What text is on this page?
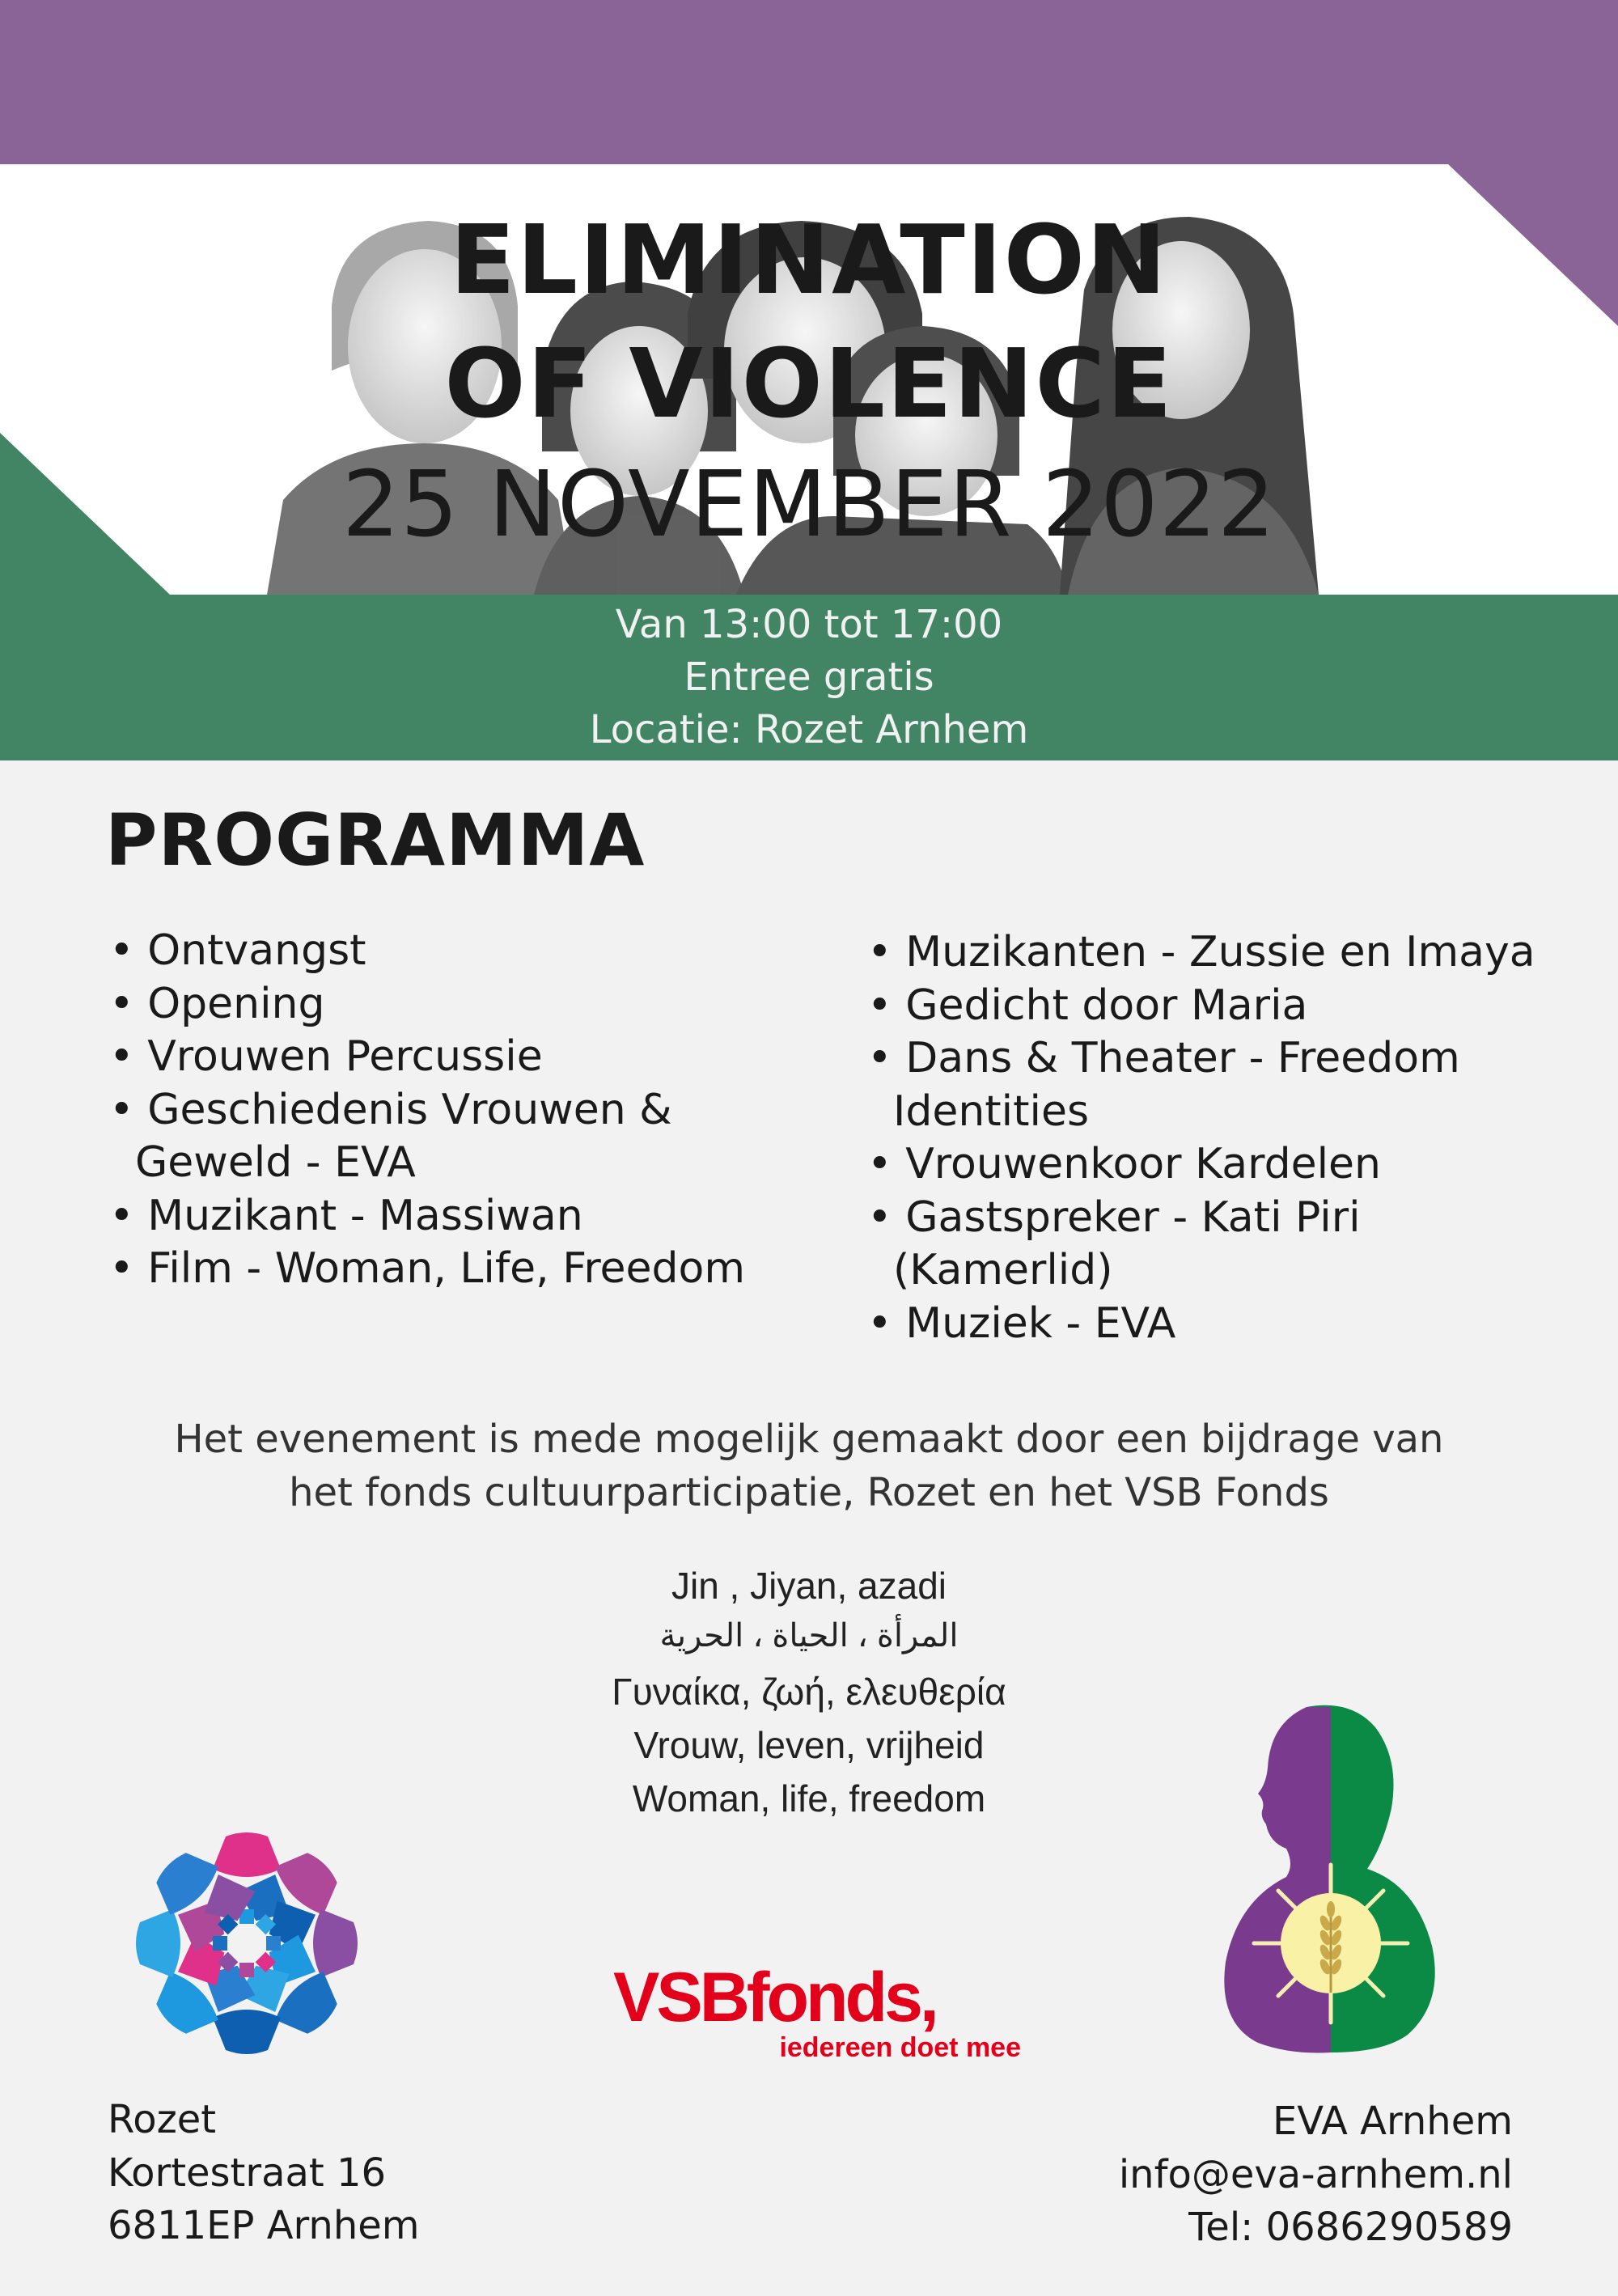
ELIMINATION
OF VIOLENCE
25 NOVEMBER 2022
Van 13:00 tot 17:00
Entree gratis
Locatie: Rozet Arnhem
PROGRAMMA
• Ontvangst
• Opening
• Vrouwen Percussie
• Geschiedenis Vrouwen & Geweld - EVA
• Muzikant - Massiwan
• Film - Woman, Life, Freedom
• Muzikanten - Zussie en Imaya
• Gedicht door Maria
• Dans & Theater - Freedom Identities
• Vrouwenkoor Kardelen
• Gastspreker - Kati Piri (Kamerlid)
• Muziek - EVA
Het evenement is mede mogelijk gemaakt door een bijdrage van
het fonds cultuurparticipatie, Rozet en het VSB Fonds
Jin , Jiyan, azadi
المرأة ، الحياة ، الحرية
Γυναίκα, ζωή, ελευθερία
Vrouw, leven, vrijheid
Woman, life, freedom
VSBfonds,
iedereen doet mee
Rozet
Kortestraat 16
6811EP Arnhem
EVA Arnhem
info@eva-arnhem.nl
Tel: 0686290589
